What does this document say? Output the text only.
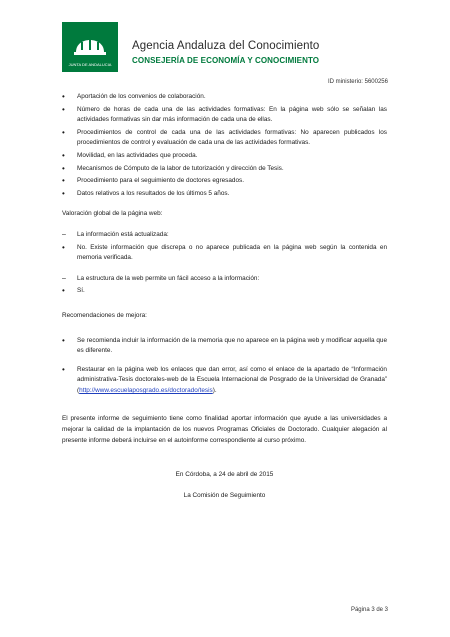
JUNTA DE ANDALUCIA
Agencia Andaluza del Conocimiento
CONSEJERÍA DE ECONOMÍA Y CONOCIMIENTO
ID ministerio: 5600256
• Aportación de los convenios de colaboración.
• Número de horas de cada una de las actividades formativas: En la página web sólo se señalan las actividades formativas sin dar más información de cada una de ellas.
• Procedimientos de control de cada una de las actividades formativas: No aparecen publicados los procedimientos de control y evaluación de cada una de las actividades formativas.
• Movilidad, en las actividades que proceda.
• Mecanismos de Cómputo de la labor de tutorización y dirección de Tesis.
• Procedimiento para el seguimiento de doctores egresados.
• Datos relativos a los resultados de los últimos 5 años.

Valoración global de la página web:

– La información está actualizada:
• No. Existe información que discrepa o no aparece publicada en la página web según la contenida en memoria verificada.
– La estructura de la web permite un fácil acceso a la información:
• Sí.

Recomendaciones de mejora:

• Se recomienda incluir la información de la memoria que no aparece en la página web y modificar aquella que es diferente.
• Restaurar en la página web los enlaces que dan error, así como el enlace de la apartado de “Información administrativa-Tesis doctorales-web de la Escuela Internacional de Posgrado de la Universidad de Granada” (http://www.escuelaposgrado.es/doctorado/tesis).

El presente informe de seguimiento tiene como finalidad aportar información que ayude a las universidades a mejorar la calidad de la implantación de los nuevos Programas Oficiales de Doctorado. Cualquier alegación al presente informe deberá incluirse en el autoinforme correspondiente al curso próximo.

En Córdoba, a 24 de abril de 2015

La Comisión de Seguimiento

Página 3 de 3
